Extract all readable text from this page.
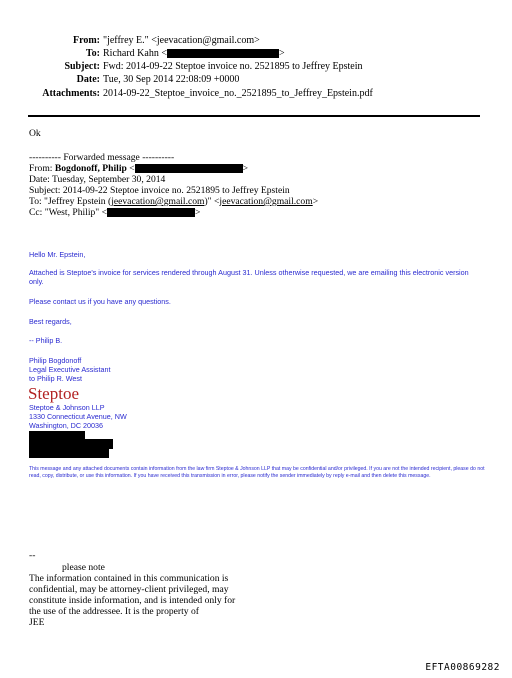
From: "jeffrey E." <jeevacation@gmail.com>
To: Richard Kahn <	>
Subject: Fwd: 2014-09-22 Steptoe invoice no. 2521895 to Jeffrey Epstein
Date: Tue, 30 Sep 2014 22:08:09 +0000
Attachments: 2014-09-22_Steptoe_invoice_no._2521895_to_Jeffrey_Epstein.pdf
Ok
---------- Forwarded message ----------
From: Bogdonoff, Philip <	>
Date: Tuesday, September 30, 2014
Subject: 2014-09-22 Steptoe invoice no. 2521895 to Jeffrey Epstein
To: "Jeffrey Epstein (jeevacation@gmail.com)" <jeevacation@gmail.com>
Cc: "West, Philip" <	>
Hello Mr. Epstein,
Attached is Steptoe's invoice for services rendered through August 31. Unless otherwise requested, we are emailing this electronic version only.
Please contact us if you have any questions.
Best regards,
-- Philip B.
Philip Bogdonoff
Legal Executive Assistant
to Philip R. West
Steptoe
Steptoe & Johnson LLP
1330 Connecticut Avenue, NW
Washington, DC 20036
This message and any attached documents contain information from the law firm Steptoe & Johnson LLP that may be confidential and/or privileged. If you are not the intended recipient, please do not read, copy, distribute, or use this information. If you have received this transmission in error, please notify the sender immediately by reply e-mail and then delete this message.
--
please note
The information contained in this communication is
confidential, may be attorney-client privileged, may
constitute inside information, and is intended only for
the use of the addressee. It is the property of
JEE
EFTA00869282
